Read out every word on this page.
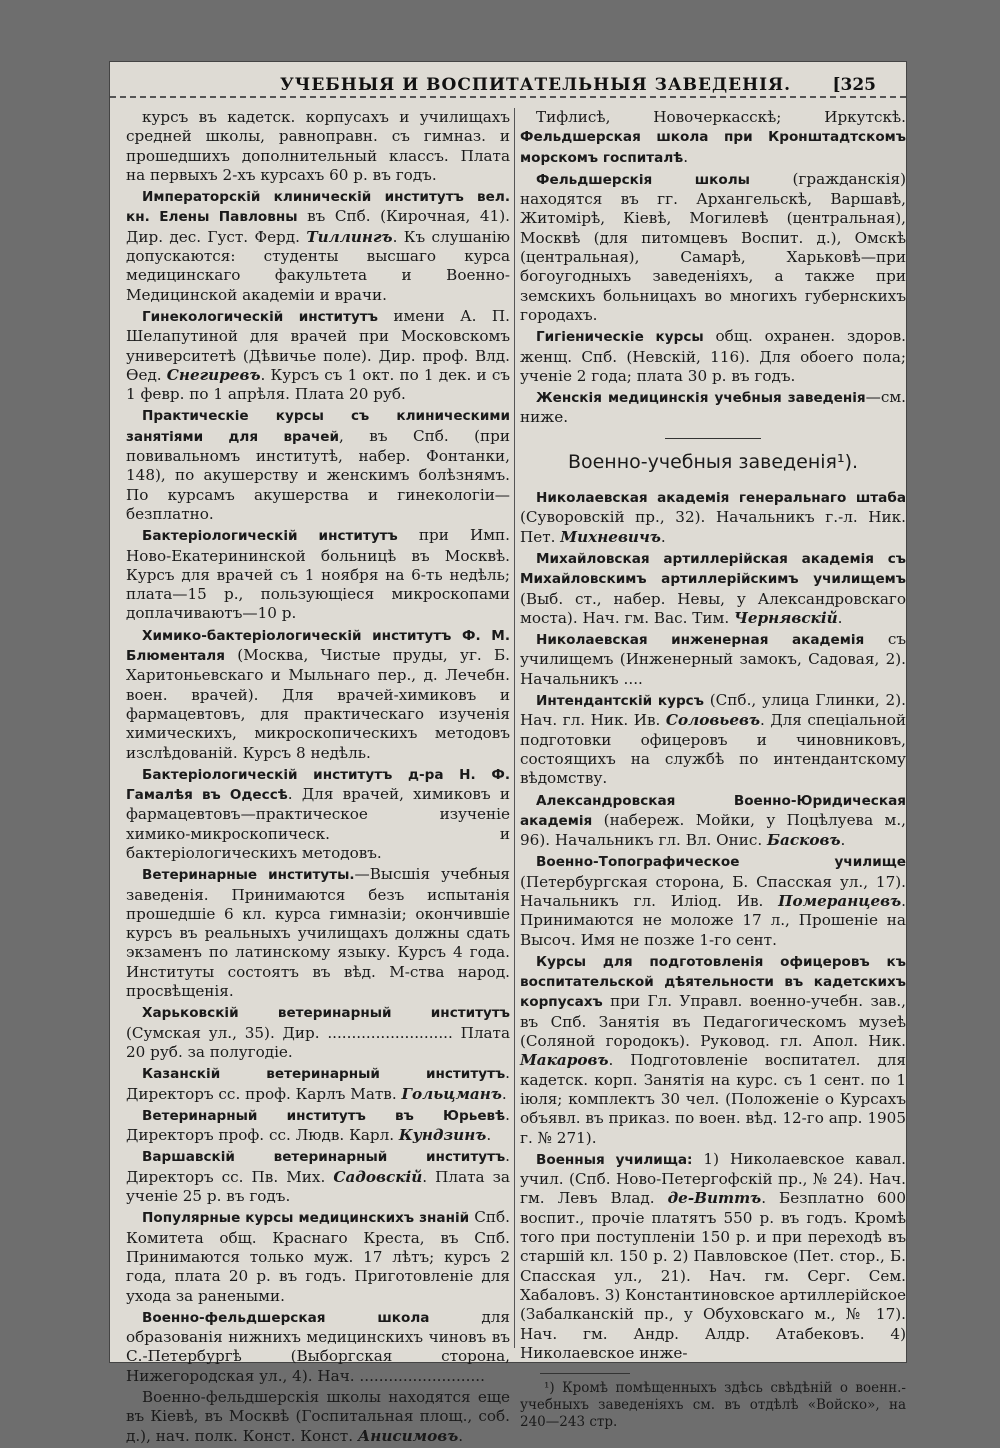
УЧЕБНЫЯ И ВОСПИТАТЕЛЬНЫЯ ЗАВЕДЕНІЯ. [325

курсъ въ кадетск. корпусахъ и училищахъ средней школы, равноправн. съ гимназ. и прошедшихъ дополнительный классъ. Плата на первыхъ 2-хъ курсахъ 60 р. въ годъ.

Императорскій клиническій институтъ вел. кн. Елены Павловны въ Спб. (Кирочная, 41). Дир. дес. Густ. Ферд. Тиллингъ. Къ слушанію допускаются: студенты высшаго курса медицинскаго факультета и Военно-Медицинской академіи и врачи.

Гинекологическій институтъ имени А. П. Шелапутиной для врачей при Московскомъ университетѣ (Дѣвичье поле). Дир. проф. Влд. Ѳед. Снегиревъ. Курсъ съ 1 окт. по 1 дек. и съ 1 февр. по 1 апрѣля. Плата 20 руб.

Практическіе курсы съ клиническими занятіями для врачей, въ Спб. (при повивальномъ институтѣ, набер. Фонтанки, 148), по акушерству и женскимъ болѣзнямъ. По курсамъ акушерства и гинекологіи—безплатно.

Бактеріологическій институтъ при Имп. Ново-Екатерининской больницѣ въ Москвѣ. Курсъ для врачей съ 1 ноября на 6-ть недѣль; плата—15 р., пользующіеся микроскопами доплачиваютъ—10 р.

Химико-бактеріологическій институтъ Ф. М. Блюменталя (Москва, Чистые пруды, уг. Б. Харитоньевскаго и Мыльнаго пер., д. Лечебн. воен. врачей). Для врачей-химиковъ и фармацевтовъ, для практическаго изученія химическихъ, микроскопическихъ методовъ изслѣдованій. Курсъ 8 недѣль.

Бактеріологическій институтъ д-ра Н. Ф. Гамалѣя въ Одессѣ. Для врачей, химиковъ и фармацевтовъ—практическое изученіе химико-микроскопическ. и бактеріологическихъ методовъ.

Ветеринарные институты.—Высшія учебныя заведенія. Принимаются безъ испытанія прошедшіе 6 кл. курса гимназіи; окончившіе курсъ въ реальныхъ училищахъ должны сдать экзаменъ по латинскому языку. Курсъ 4 года. Институты состоятъ въ вѣд. М-ства народ. просвѣщенія.

Харьковскій ветеринарный институтъ (Сумская ул., 35). Дир. .......................... Плата 20 руб. за полугодіе.

Казанскій ветеринарный институтъ. Директоръ сс. проф. Карлъ Матв. Гольцманъ.

Ветеринарный институтъ въ Юрьевѣ. Директоръ проф. сс. Людв. Карл. Кундзинъ.

Варшавскій ветеринарный институтъ. Директоръ сс. Пв. Мих. Садовскій. Плата за ученіе 25 р. въ годъ.

Популярные курсы медицинскихъ знаній Спб. Комитета общ. Краснаго Креста, въ Спб. Принимаются только муж. 17 лѣтъ; курсъ 2 года, плата 20 р. въ годъ. Приготовленіе для ухода за ранеными.

Военно-фельдшерская школа для образованія нижнихъ медицинскихъ чиновъ въ С.-Петербургѣ (Выборгская сторона, Нижегородская ул., 4). Нач. ..........................

Военно-фельдшерскія школы находятся еще въ Кіевѣ, въ Москвѣ (Госпитальная площ., соб. д.), нач. полк. Конст. Конст. Анисимовъ.

Тифлисѣ, Новочеркасскѣ; Иркутскѣ. Фельдшерская школа при Кронштадтскомъ морскомъ госпиталѣ.

Фельдшерскія школы (гражданскія) находятся въ гг. Архангельскѣ, Варшавѣ, Житомірѣ, Кіевѣ, Могилевѣ (центральная), Москвѣ (для питомцевъ Воспит. д.), Омскѣ (центральная), Самарѣ, Харьковѣ—при богоугодныхъ заведеніяхъ, а также при земскихъ больницахъ во многихъ губернскихъ городахъ.

Гигіеническіе курсы общ. охранен. здоров. женщ. Спб. (Невскій, 116). Для обоего пола; ученіе 2 года; плата 30 р. въ годъ.

Женскія медицинскія учебныя заведенія—см. ниже.

Военно-учебныя заведенія¹).

Николаевская академія генеральнаго штаба (Суворовскій пр., 32). Начальникъ г.-л. Ник. Пет. Михневичъ.

Михайловская артиллерійская академія съ Михайловскимъ артиллерійскимъ училищемъ (Выб. ст., набер. Невы, у Александровскаго моста). Нач. гм. Вас. Тим. Чернявскій.

Николаевская инженерная академія съ училищемъ (Инженерный замокъ, Садовая, 2). Начальникъ ....

Интендантскій курсъ (Спб., улица Глинки, 2). Нач. гл. Ник. Ив. Соловьевъ. Для спеціальной подготовки офицеровъ и чиновниковъ, состоящихъ на службѣ по интендантскому вѣдомству.

Александровская Военно-Юридическая академія (набереж. Мойки, у Поцѣлуева м., 96). Начальникъ гл. Вл. Онис. Басковъ.

Военно-Топографическое училище (Петербургская сторона, Б. Спасская ул., 17). Начальникъ гл. Иліод. Ив. Померанцевъ. Принимаются не моложе 17 л., Прошеніе на Высоч. Имя не позже 1-го сент.

Курсы для подготовленія офицеровъ къ воспитательской дѣятельности въ кадетскихъ корпусахъ при Гл. Управл. военно-учебн. зав., въ Спб. Занятія въ Педагогическомъ музеѣ (Соляной городокъ). Руковод. гл. Апол. Ник. Макаровъ. Подготовленіе воспитател. для кадетск. корп. Занятія на курс. съ 1 сент. по 1 іюля; комплектъ 30 чел. (Положеніе о Курсахъ объявл. въ приказ. по воен. вѣд. 12-го апр. 1905 г. № 271).

Военныя училища: 1) Николаевское кавал. учил. (Спб. Ново-Петергофскій пр., № 24). Нач. гм. Левъ Влад. де-Виттъ. Безплатно 600 воспит., прочіе платятъ 550 р. въ годъ. Кромѣ того при поступленіи 150 р. и при переходѣ въ старшій кл. 150 р. 2) Павловское (Пет. стор., Б. Спасская ул., 21). Нач. гм. Серг. Сем. Хабаловъ. 3) Константиновское артиллерійское (Забалканскій пр., у Обуховскаго м., № 17). Нач. гм. Андр. Алдр. Атабековъ. 4) Николаевское инже-

¹) Кромѣ помѣщенныхъ здѣсь свѣдѣній о военн.-учебныхъ заведеніяхъ см. въ отдѣлѣ «Войско», на 240—243 стр.
